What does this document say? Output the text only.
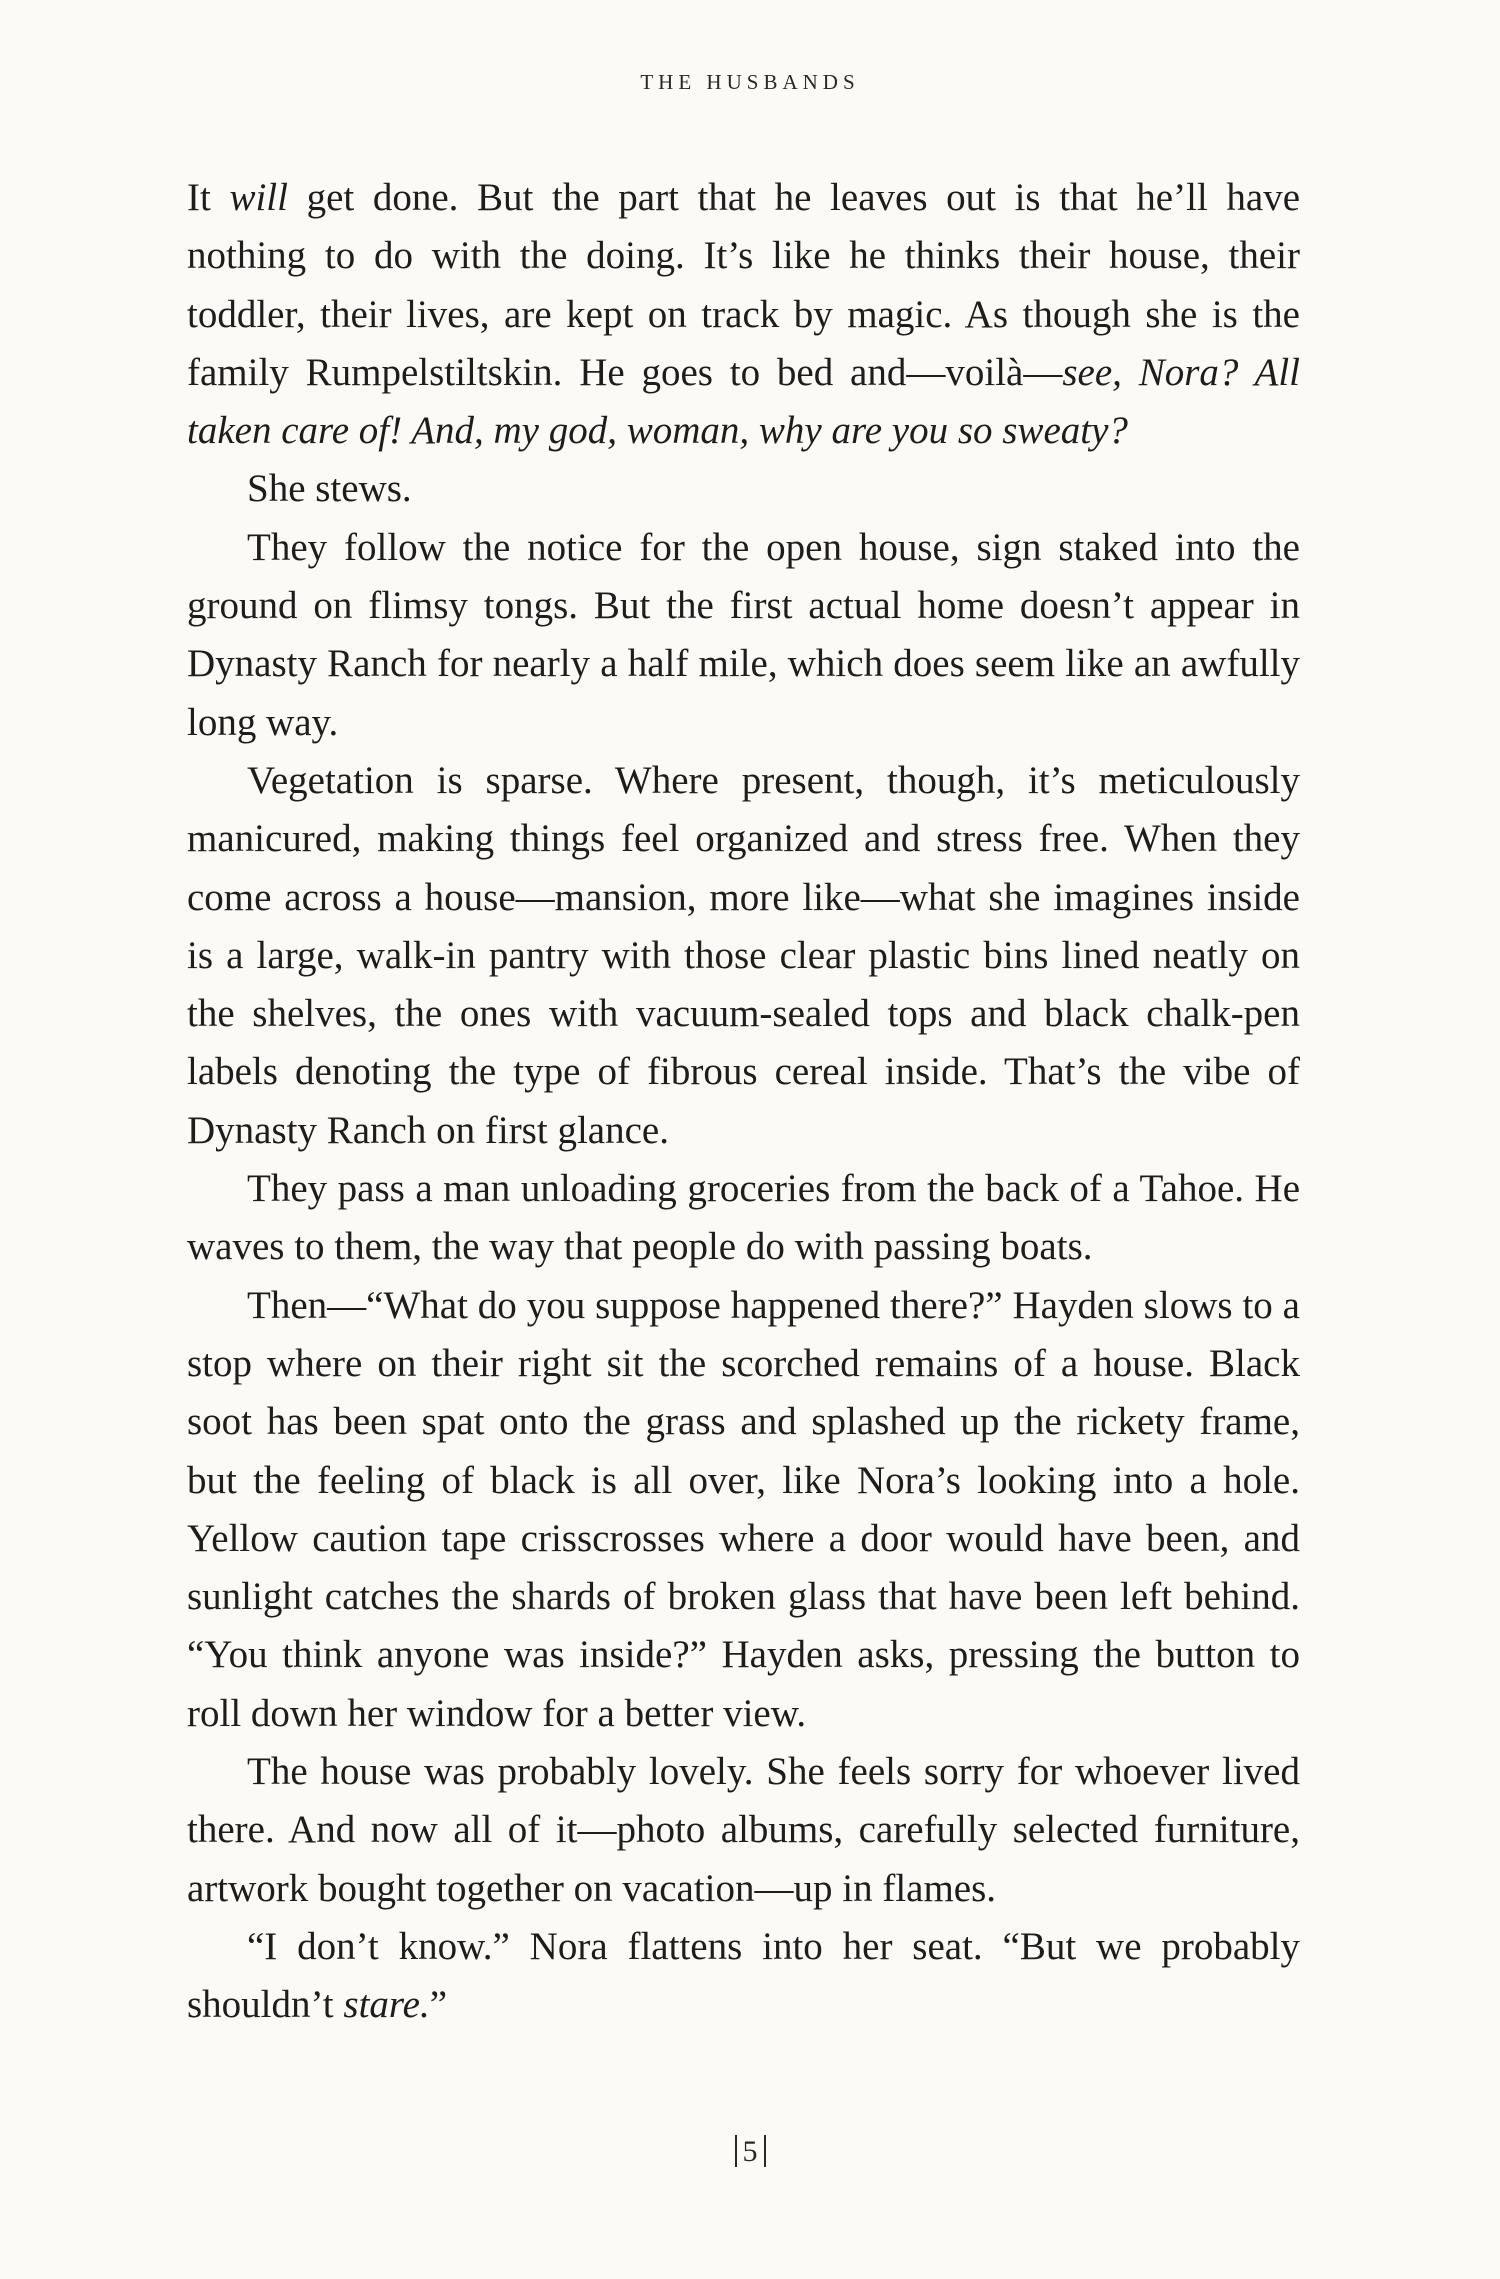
THE HUSBANDS

It will get done. But the part that he leaves out is that he’ll have nothing to do with the doing. It’s like he thinks their house, their toddler, their lives, are kept on track by magic. As though she is the family Rumpelstiltskin. He goes to bed and—voilà—see, Nora? All taken care of! And, my god, woman, why are you so sweaty?

She stews.

They follow the notice for the open house, sign staked into the ground on flimsy tongs. But the first actual home doesn’t appear in Dynasty Ranch for nearly a half mile, which does seem like an awfully long way.

Vegetation is sparse. Where present, though, it’s meticulously manicured, making things feel organized and stress free. When they come across a house—mansion, more like—what she imagines inside is a large, walk-in pantry with those clear plastic bins lined neatly on the shelves, the ones with vacuum-sealed tops and black chalk-pen labels denoting the type of fibrous cereal inside. That’s the vibe of Dynasty Ranch on first glance.

They pass a man unloading groceries from the back of a Tahoe. He waves to them, the way that people do with passing boats.

Then—“What do you suppose happened there?” Hayden slows to a stop where on their right sit the scorched remains of a house. Black soot has been spat onto the grass and splashed up the rickety frame, but the feeling of black is all over, like Nora’s looking into a hole. Yellow caution tape crisscrosses where a door would have been, and sunlight catches the shards of broken glass that have been left behind. “You think anyone was inside?” Hayden asks, pressing the button to roll down her window for a better view.

The house was probably lovely. She feels sorry for whoever lived there. And now all of it—photo albums, carefully selected furniture, artwork bought together on vacation—up in flames.

“I don’t know.” Nora flattens into her seat. “But we probably shouldn’t stare.”

5
